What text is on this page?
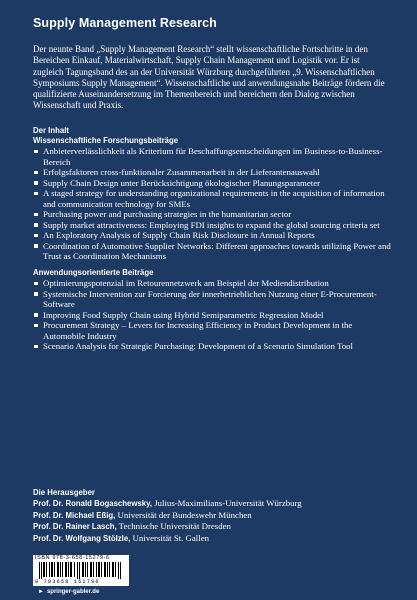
Supply Management Research
Der neunte Band „Supply Management Research“ stellt wissenschaftliche Fortschritte in den Bereichen Einkauf, Materialwirtschaft, Supply Chain Management und Logistik vor. Er ist zugleich Tagungsband des an der Universität Würzburg durchgeführten „9. Wissenschaftlichen Symposiums Supply Management“. Wissenschaftliche und anwendungsnahe Beiträge fördern die qualifizierte Auseinandersetzung im Themenbereich und bereichern den Dialog zwischen Wissenschaft und Praxis.
Der Inhalt
Wissenschaftliche Forschungsbeiträge
Anbieterverlässlichkeit als Kriterium für Beschaffungsentscheidungen im Business-to-Business-Bereich
Erfolgsfaktoren cross-funktionaler Zusammenarbeit in der Lieferantenauswahl
Supply Chain Design unter Berücksichtigung ökologischer Planungsparameter
A staged strategy for understanding organizational requirements in the acquisition of information and communication technology for SMEs
Purchasing power and purchasing strategies in the humanitarian sector
Supply market attractiveness: Employing FDI insights to expand the global sourcing criteria set
An Exploratory Analysis of Supply Chain Risk Disclosure in Annual Reports
Coordination of Automotive Supplier Networks: Different approaches towards utilizing Power and Trust as Coordination Mechanisms
Anwendungsorientierte Beiträge
Optimierungspotenzial im Retourennetzwerk am Beispiel der Mediendistribution
Systemische Intervention zur Forcierung der innerbetrieblichen Nutzung einer E-Procurement-Software
Improving Food Supply Chain using Hybrid Semiparametric Regression Model
Procurement Strategy – Levers for Increasing Efficiency in Product Development in the Automobile Industry
Scenario Analysis for Strategic Purchasing: Development of a Scenario Simulation Tool
Die Herausgeber
Prof. Dr. Ronald Bogaschewsky, Julius-Maximilians-Universität Würzburg
Prof. Dr. Michael Eßig, Universität der Bundeswehr München
Prof. Dr. Rainer Lasch, Technische Universität Dresden
Prof. Dr. Wolfgang Stölzle, Universität St. Gallen
ISBN 978-3-658-15279-6
9 783658 152796
► springer-gabler.de
